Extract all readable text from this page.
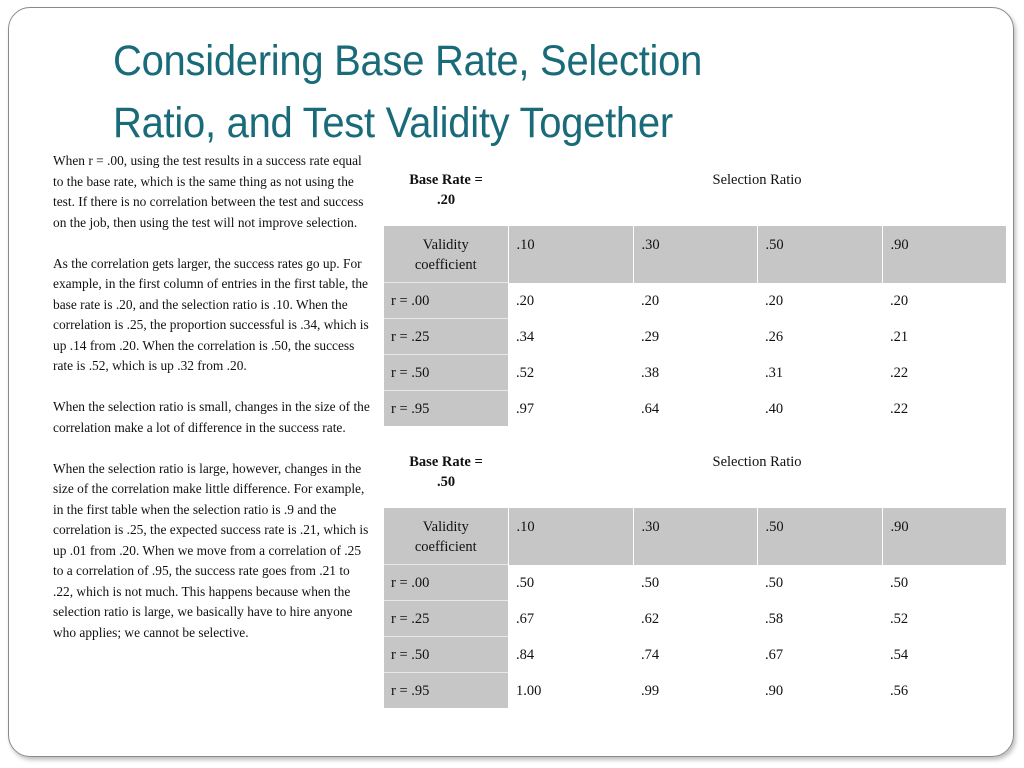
Considering Base Rate, Selection
Ratio, and Test Validity Together

When r = .00, using the test results in a success rate equal to the base rate, which is the same thing as not using the test. If there is no correlation between the test and success on the job, then using the test will not improve selection.

As the correlation gets larger, the success rates go up. For example, in the first column of entries in the first table, the base rate is .20, and the selection ratio is .10. When the correlation is .25, the proportion successful is .34, which is up .14 from .20. When the correlation is .50, the success rate is .52, which is up .32 from .20.

When the selection ratio is small, changes in the size of the correlation make a lot of difference in the success rate.

When the selection ratio is large, however, changes in the size of the correlation make little difference. For example, in the first table when the selection ratio is .9 and the correlation is .25, the expected success rate is .21, which is up .01 from .20. When we move from a correlation of .25 to a correlation of .95, the success rate goes from .21 to .22, which is not much. This happens because when the selection ratio is large, we basically have to hire anyone who applies; we cannot be selective.

Base Rate =
.20	Selection Ratio			

Validity
coefficient	.10	.30	.50	.90

r = .00	.20	.20	.20	.20

r = .25	.34	.29	.26	.21

r = .50	.52	.38	.31	.22

r = .95	.97	.64	.40	.22
Base Rate =
.50	Selection Ratio			

Validity
coefficient	.10	.30	.50	.90

r = .00	.50	.50	.50	.50

r = .25	.67	.62	.58	.52

r = .50	.84	.74	.67	.54

r = .95	1.00	.99	.90	.56
